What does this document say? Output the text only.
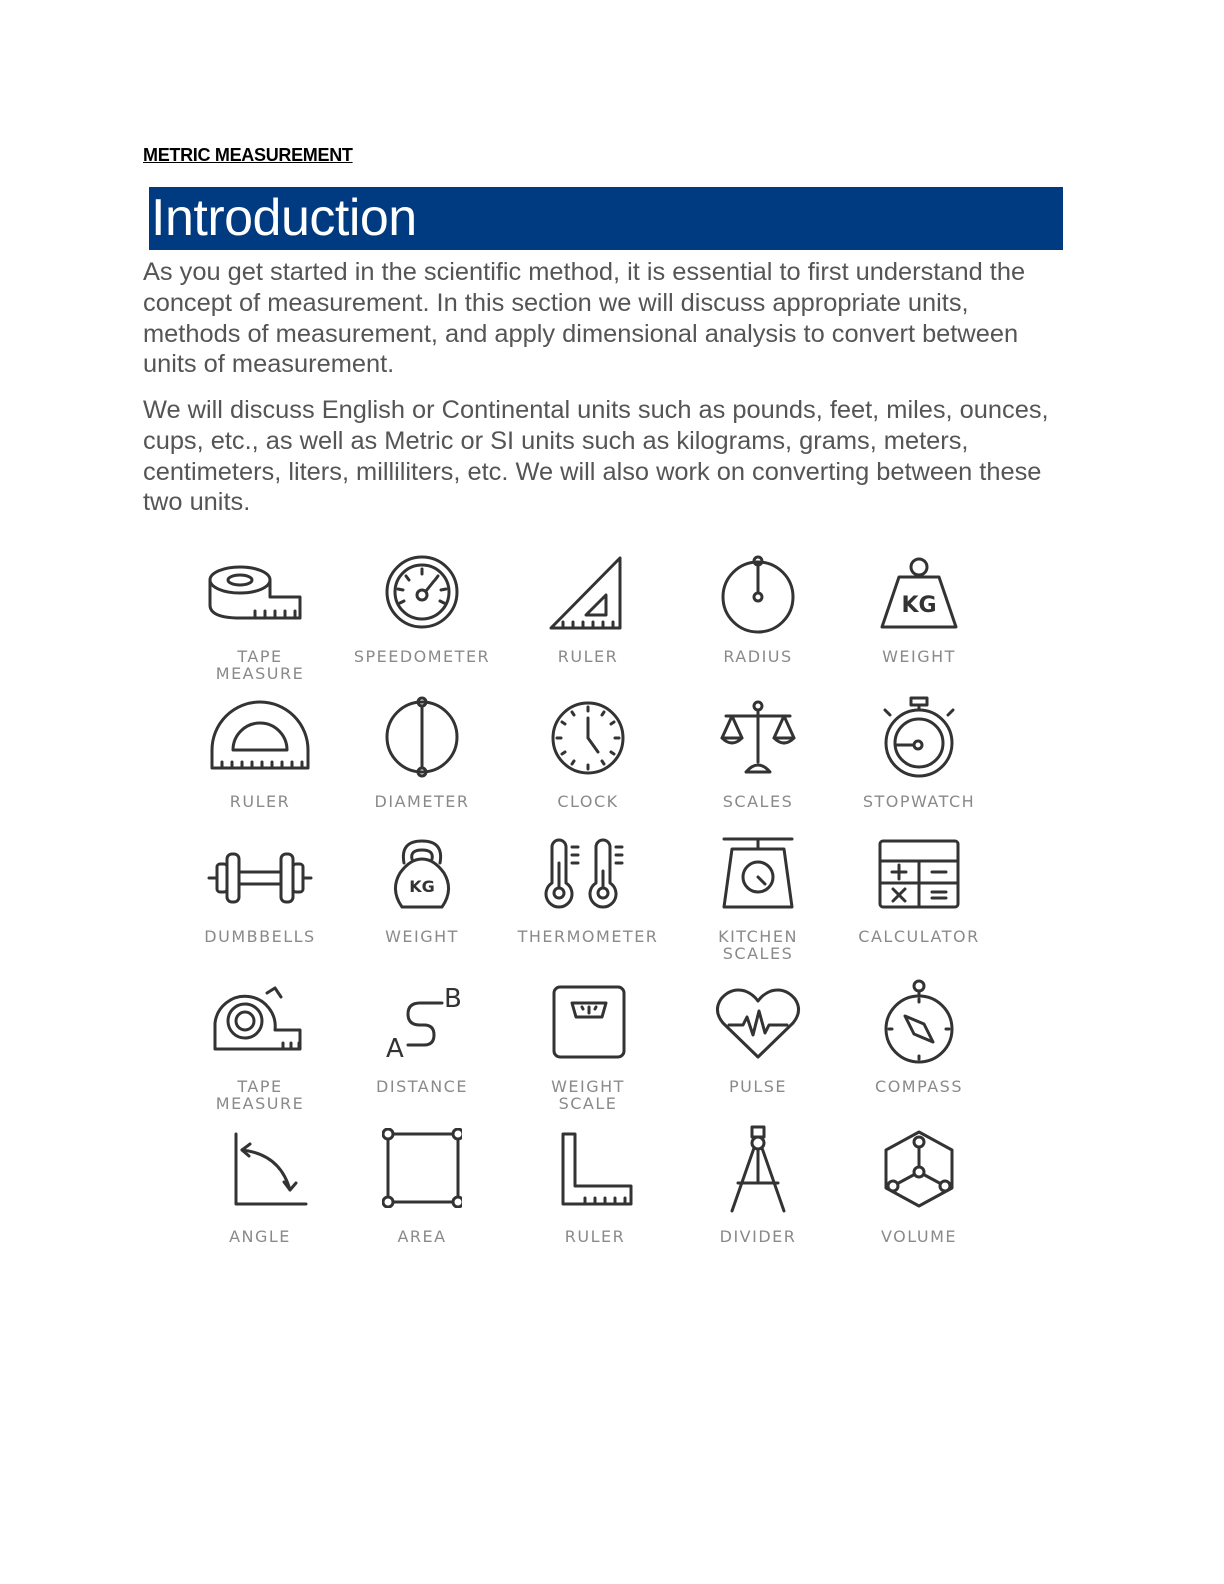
METRIC MEASUREMENT
Introduction

As you get started in the scientific method, it is essential to first understand the concept of measurement. In this section we will discuss appropriate units, methods of measurement, and apply dimensional analysis to convert between units of measurement.

We will discuss English or Continental units such as pounds, feet, miles, ounces, cups, etc., as well as Metric or SI units such as kilograms, grams, meters, centimeters, liters, milliliters, etc. We will also work on converting between these two units.

TAPE
MEASURE
SPEEDOMETER	RULER	RADIUS
KG
WEIGHT
RULER	DIAMETER	CLOCK	SCALES	STOPWATCH
DUMBBELLS
KG
WEIGHT	THERMOMETER	KITCHEN
SCALES
CALCULATOR
TAPE
MEASURE
A
B
DISTANCE	WEIGHT
SCALE
PULSE	COMPASS
ANGLE	AREA	RULER	DIVIDER	VOLUME
